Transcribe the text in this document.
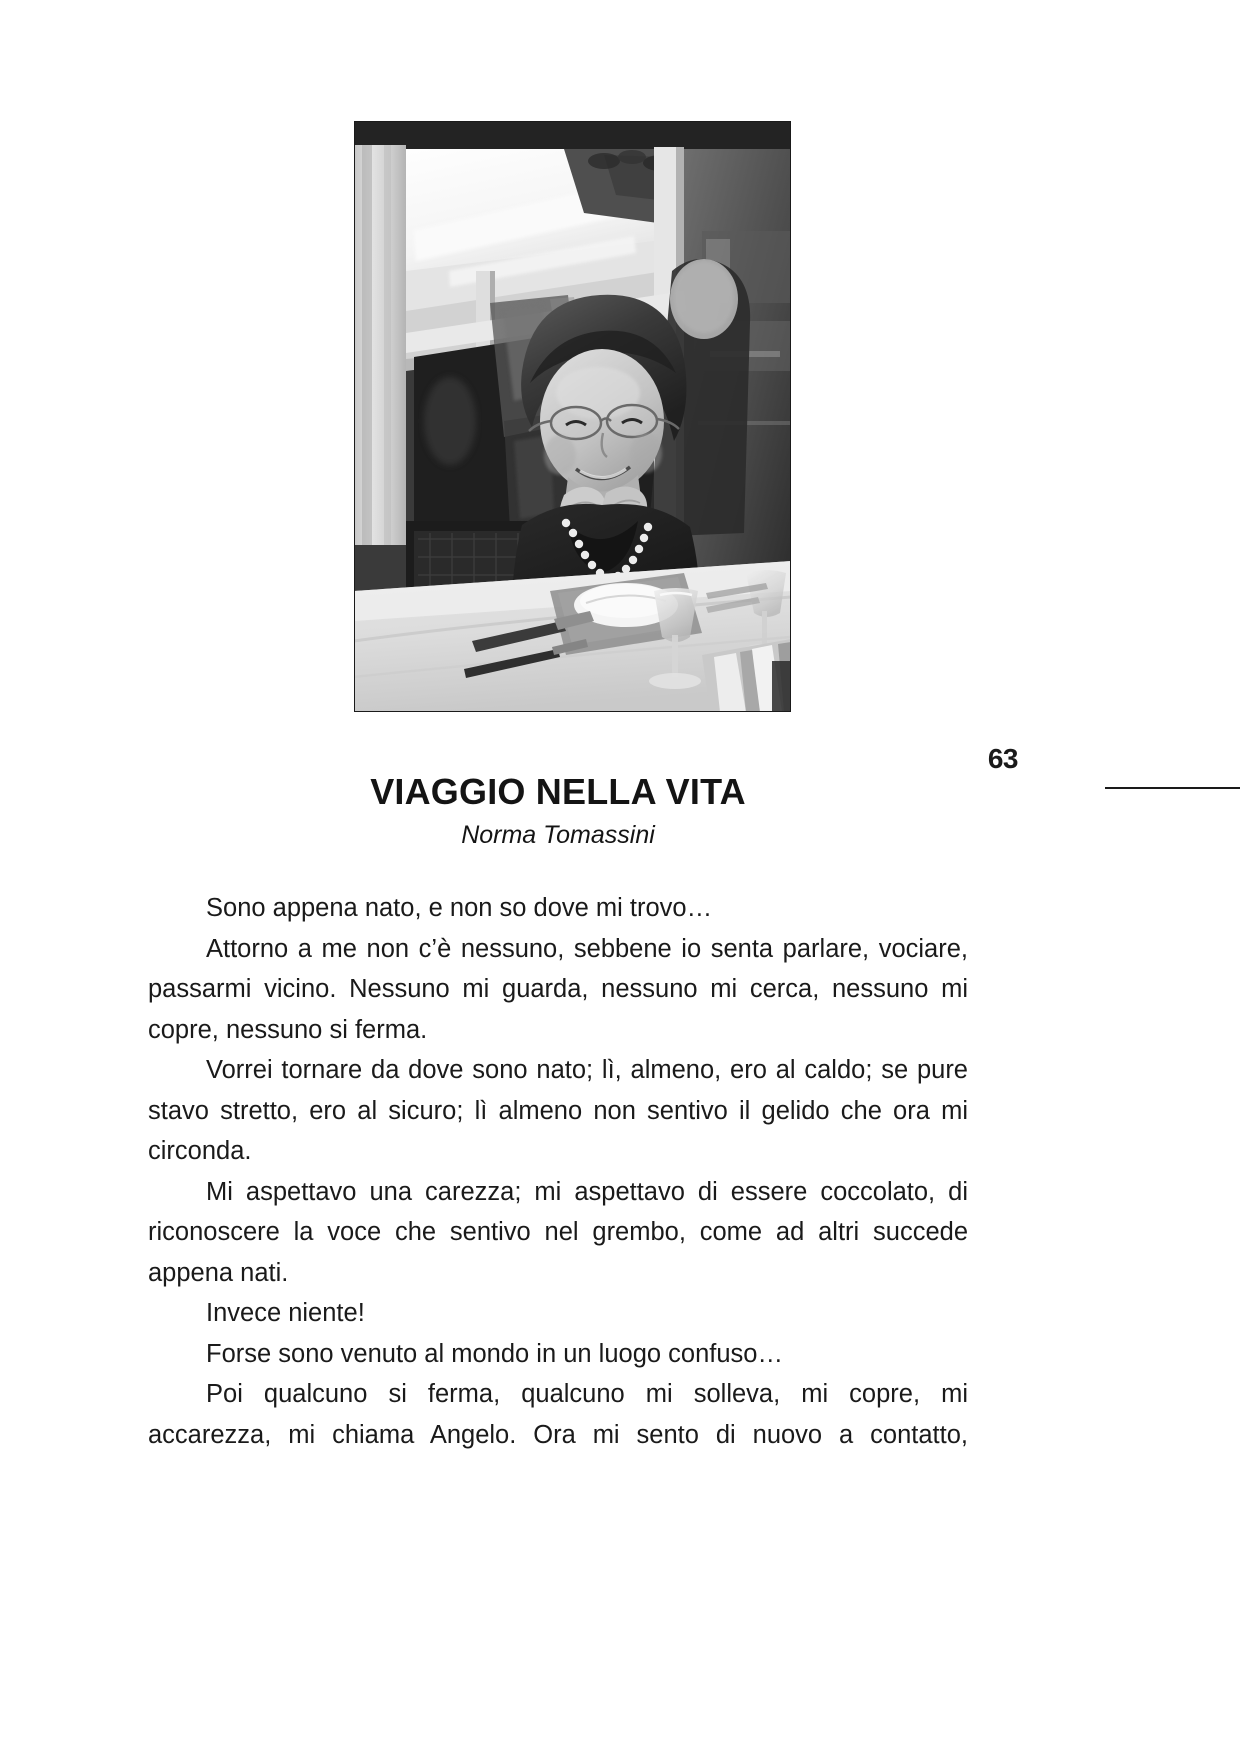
63
VIAGGIO NELLA VITA

Norma Tomassini

Sono appena nato, e non so dove mi trovo…

Attorno a me non c’è nessuno, sebbene io senta parlare, vociare, passarmi vicino. Nessuno mi guarda, nessuno mi cerca, nessuno mi copre, nessuno si ferma.

Vorrei tornare da dove sono nato; lì, almeno, ero al caldo; se pure stavo stretto, ero al sicuro; lì almeno non sentivo il gelido che ora mi circonda.

Mi aspettavo una carezza; mi aspettavo di essere coccolato, di riconoscere la voce che sentivo nel grembo, come ad altri succede appena nati.

Invece niente!

Forse sono venuto al mondo in un luogo confuso…

Poi qualcuno si ferma, qualcuno mi solleva, mi copre, mi accarezza, mi chiama Angelo. Ora mi sento di nuovo a contatto,
